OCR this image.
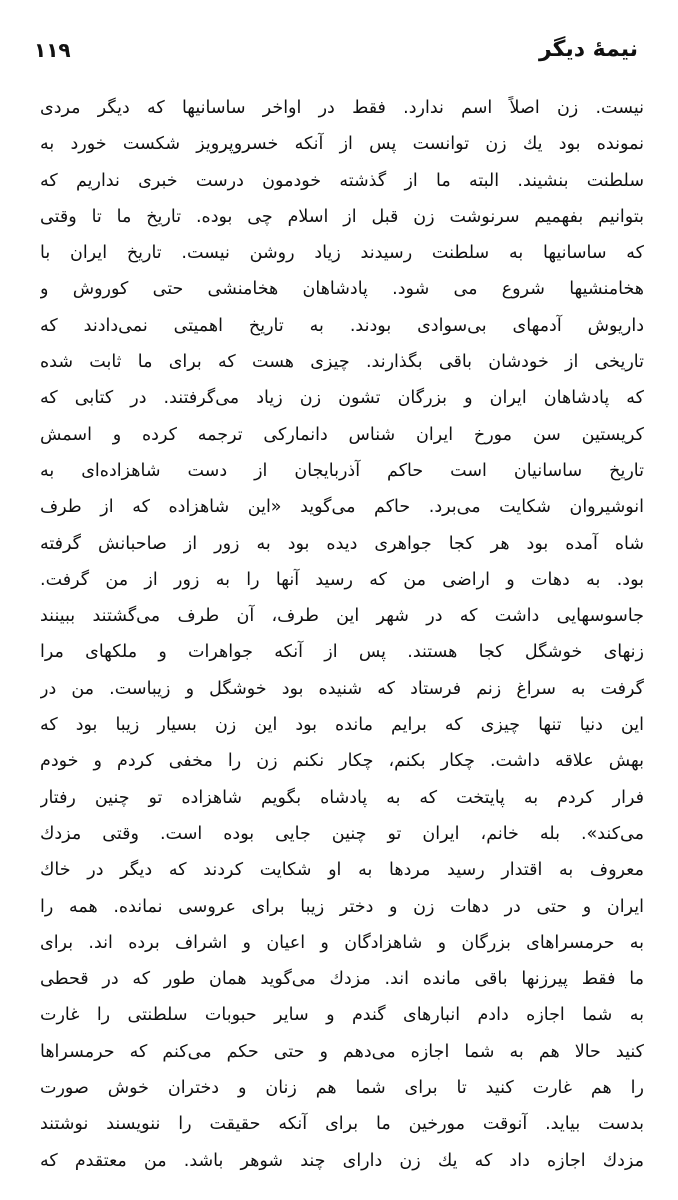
نیمهٔ دیگر
۱۱۹
نیست. زن اصلاً اسم ندارد. فقط در اواخر ساسانیها که دیگر مردی
نمونده بود یك زن توانست پس از آنکه خسروپرویز شکست خورد به
سلطنت بنشیند. البته ما از گذشته خودمون درست خبری نداریم که
بتوانیم بفهمیم سرنوشت زن قبل از اسلام چی بوده. تاریخ ما تا وقتی
که ساسانیها به سلطنت رسیدند زیاد روشن نیست. تاریخ ایران با
هخامنشیها شروع می شود. پادشاهان هخامنشی حتی کوروش و
داریوش آدمهای بی‌سوادی بودند. به تاریخ اهمیتی نمی‌دادند که
تاریخی از خودشان باقی بگذارند. چیزی هست که برای ما ثابت شده
که پادشاهان ایران و بزرگان تشون زن زیاد می‌گرفتند. در کتابی که
کریستین سن مورخ ایران شناس دانمارکی ترجمه کرده و اسمش
تاریخ ساسانیان است حاکم آذربایجان از دست شاهزاده‌ای به
انوشیروان شکایت می‌برد. حاکم می‌گوید «این شاهزاده که از طرف
شاه آمده بود هر کجا جواهری دیده بود به زور از صاحبانش گرفته
بود. به دهات و اراضی من که رسید آنها را به زور از من گرفت.
جاسوسهایی داشت که در شهر این طرف، آن طرف می‌گشتند ببینند
زنهای خوشگل کجا هستند. پس از آنکه جواهرات و ملکهای مرا
گرفت به سراغ زنم فرستاد که شنیده بود خوشگل و زیباست. من در
این دنیا تنها چیزی که برایم مانده بود این زن بسیار زیبا بود که
بهش علاقه داشت. چکار بکنم، چکار نکنم زن را مخفی کردم و خودم
فرار کردم به پایتخت که به پادشاه بگویم شاهزاده تو چنین رفتار
می‌کند». بله خانم، ایران تو چنین جایی بوده است. وقتی مزدك
معروف به اقتدار رسید مردها به او شکایت کردند که دیگر در خاك
ایران و حتی در دهات زن و دختر زیبا برای عروسی نمانده. همه را
به حرمسراهای بزرگان و شاهزادگان و اعیان و اشراف برده اند. برای
ما فقط پیرزنها باقی مانده اند. مزدك می‌گوید همان طور که در قحطی
به شما اجازه دادم انبارهای گندم و سایر حبوبات سلطنتی را غارت
کنید حالا هم به شما اجازه می‌دهم و حتی حکم می‌کنم که حرمسراها
را هم غارت کنید تا برای شما هم زنان و دختران خوش صورت
بدست بیاید. آنوقت مورخین ما برای آنکه حقیقت را ننویسند نوشتند
مزدك اجازه داد که یك زن دارای چند شوهر باشد. من معتقدم که
